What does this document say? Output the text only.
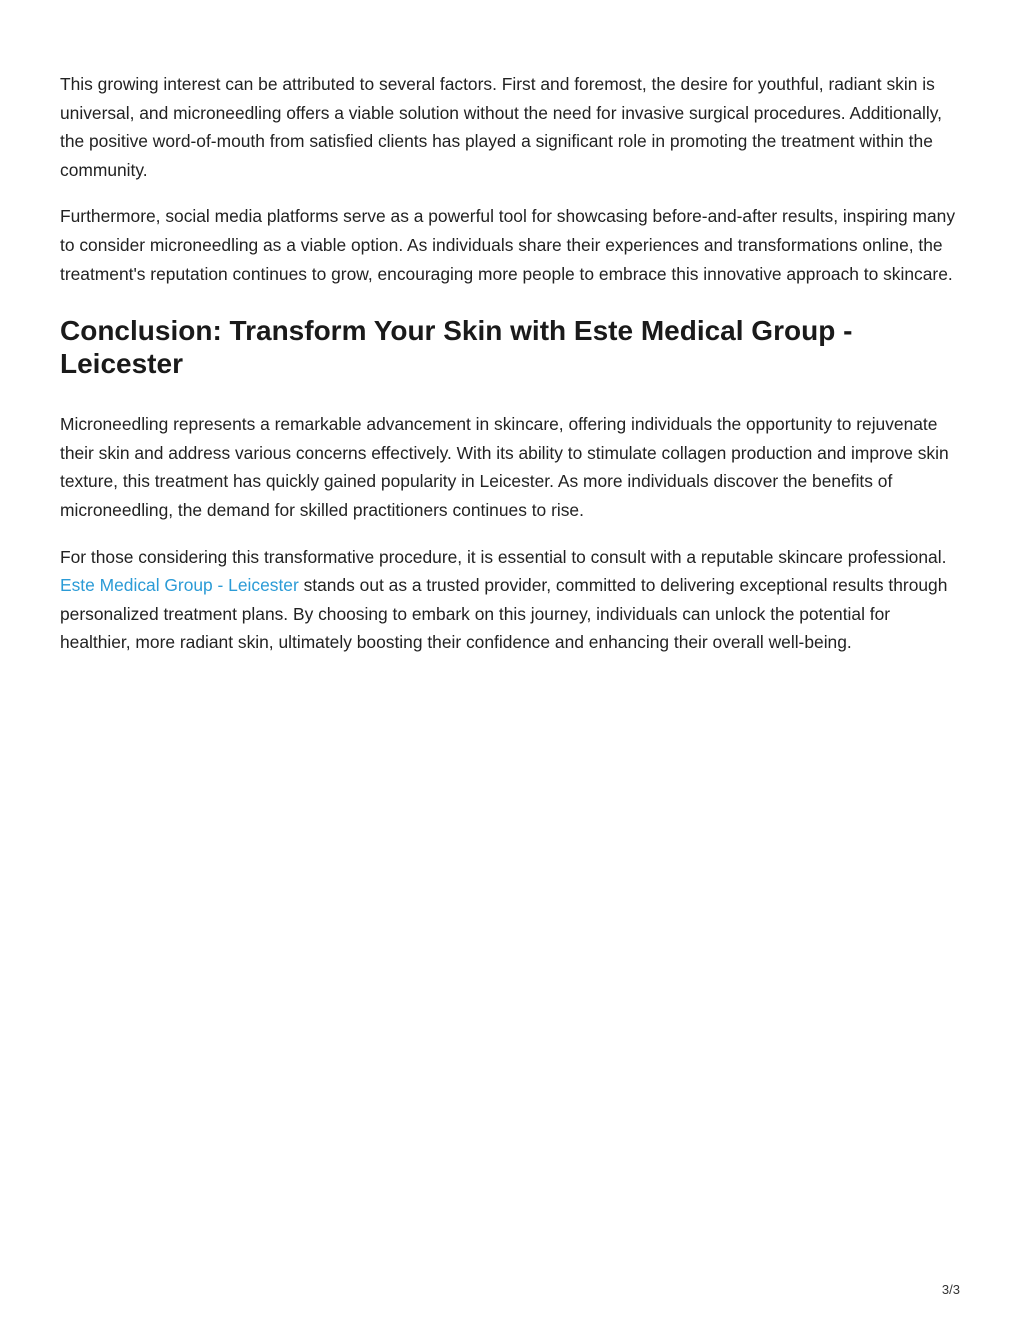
This growing interest can be attributed to several factors. First and foremost, the desire for youthful, radiant skin is universal, and microneedling offers a viable solution without the need for invasive surgical procedures. Additionally, the positive word-of-mouth from satisfied clients has played a significant role in promoting the treatment within the community.

Furthermore, social media platforms serve as a powerful tool for showcasing before-and-after results, inspiring many to consider microneedling as a viable option. As individuals share their experiences and transformations online, the treatment's reputation continues to grow, encouraging more people to embrace this innovative approach to skincare.

Conclusion: Transform Your Skin with Este Medical Group - Leicester

Microneedling represents a remarkable advancement in skincare, offering individuals the opportunity to rejuvenate their skin and address various concerns effectively. With its ability to stimulate collagen production and improve skin texture, this treatment has quickly gained popularity in Leicester. As more individuals discover the benefits of microneedling, the demand for skilled practitioners continues to rise.

For those considering this transformative procedure, it is essential to consult with a reputable skincare professional. Este Medical Group - Leicester stands out as a trusted provider, committed to delivering exceptional results through personalized treatment plans. By choosing to embark on this journey, individuals can unlock the potential for healthier, more radiant skin, ultimately boosting their confidence and enhancing their overall well-being.

3/3
